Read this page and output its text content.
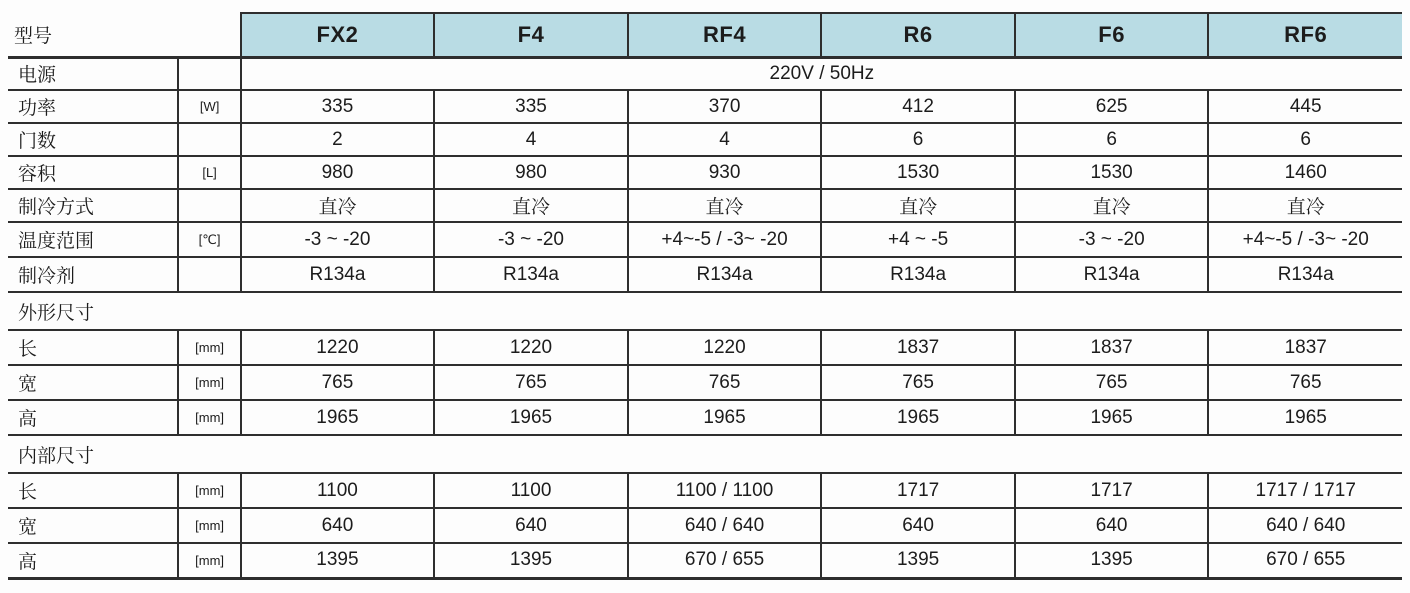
型号		FX2	F4	RF4	R6	F6	RF6
电源		220V / 50Hz					
功率	[W]	335	335	370	412	625	445
门数		2	4	4	6	6	6
容积	[L]	980	980	930	1530	1530	1460
制冷方式		直冷	直冷	直冷	直冷	直冷	直冷
温度范围	[℃]	-3 ~ -20	-3 ~ -20	+4~-5 / -3~ -20	+4 ~ -5	-3 ~ -20	+4~-5 / -3~ -20
制冷剂		R134a	R134a	R134a	R134a	R134a	R134a
外形尺寸							
长	[mm]	1220	1220	1220	1837	1837	1837
宽	[mm]	765	765	765	765	765	765
高	[mm]	1965	1965	1965	1965	1965	1965
内部尺寸							
长	[mm]	1100	1100	1100 / 1100	1717	1717	1717 / 1717
宽	[mm]	640	640	640 / 640	640	640	640 / 640
高	[mm]	1395	1395	670 / 655	1395	1395	670 / 655
